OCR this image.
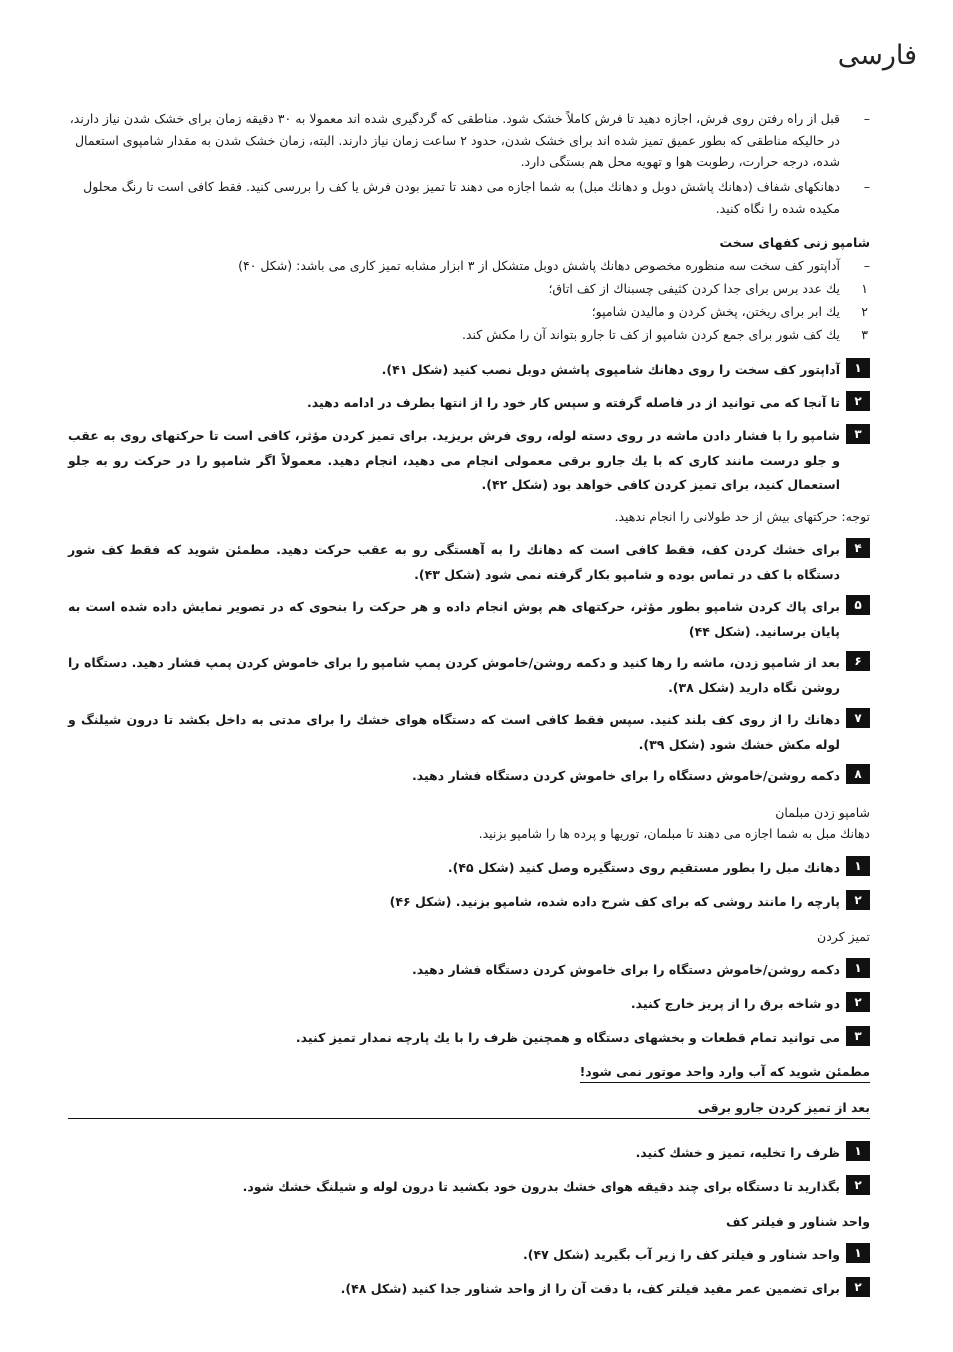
فارسی
–
قبل از راه رفتن روی فرش، اجازه دهید تا فرش کاملاً خشک شود. مناطقی که گردگیری شده اند معمولا به ۳۰ دقیقه زمان برای خشک شدن نیاز دارند، در حالیکه مناطقی که بطور عمیق تمیز شده اند برای خشک شدن، حدود ۲ ساعت زمان نیاز دارند. البته، زمان خشک شدن به مقدار شامپوی استعمال شده، درجه حرارت، رطوبت هوا و تهویه محل هم بستگی دارد.
–
دهانکهای شفاف (دهانك پاشش دوبل و دهانك مبل) به شما اجازه می دهند تا تمیز بودن فرش یا کف را بررسی کنید. فقط کافی است تا رنگ محلول مکیده شده را نگاه کنید.
شامپو زنی کفهای سخت
–
آداپتور کف سخت سه منظوره مخصوص دهانك پاشش دوبل متشکل از ۳ ابزار مشابه تمیز کاری می باشد: (شکل ۴۰)
۱
یك عدد برس برای جدا کردن کثیفی چسبناك از کف اتاق؛
۲
یك ابر برای ریختن، پخش کردن و مالیدن شامپو؛
۳
یك کف شور برای جمع کردن شامپو از کف تا جارو بتواند آن را مکش کند.
۱
آداپتور کف سخت را روی دهانك شامپوی پاشش دوبل نصب کنید (شکل ۴۱).
۲
تا آنجا که می توانید از در فاصله گرفته و سپس کار خود را از انتها بطرف در ادامه دهید.
۳
شامپو را با فشار دادن ماشه در روی دسته لوله، روی فرش بریزید. برای تمیز کردن مؤثر، کافی است تا حرکتهای روی به عقب و جلو درست مانند کاری که با یك جارو برقی معمولی انجام می دهید، انجام دهید. معمولاً اگر شامپو را در حرکت رو به جلو استعمال کنید، برای تمیز کردن کافی خواهد بود (شکل ۴۲).
توجه: حرکتهای بیش از حد طولانی را انجام ندهید.
۴
برای خشك کردن کف، فقط کافی است که دهانك را به آهستگی رو به عقب حرکت دهید. مطمئن شوید که فقط کف شور دستگاه با کف در تماس بوده و شامپو بکار گرفته نمی شود (شکل ۴۳).
۵
برای پاك کردن شامپو بطور مؤثر، حرکتهای هم پوش انجام داده و هر حرکت را بنحوی که در تصویر نمایش داده شده است به پایان برسانید. (شکل ۴۴)
۶
بعد از شامپو زدن، ماشه را رها کنید و دکمه روشن/خاموش کردن پمپ شامپو را برای خاموش کردن پمپ فشار دهید. دستگاه را روشن نگاه دارید (شکل ۳۸).
۷
دهانك را از روی کف بلند کنید. سپس فقط کافی است که دستگاه هوای خشك را برای مدتی به داخل بکشد تا درون شیلنگ و لوله مکش خشك شود (شکل ۳۹).
۸
دکمه روشن/خاموش دستگاه را برای خاموش کردن دستگاه فشار دهید.
شامپو زدن مبلمان
دهانك مبل به شما اجازه می دهند تا مبلمان، توریها و پرده ها را شامپو بزنید.
۱
دهانك مبل را بطور مستقیم روی دستگیره وصل کنید (شکل ۴۵).
۲
پارچه را مانند روشی که برای کف شرح داده شده، شامپو بزنید. (شکل ۴۶)
تمیز کردن
۱
دکمه روشن/خاموش دستگاه را برای خاموش کردن دستگاه فشار دهید.
۲
دو شاخه برق را از پریز خارج کنید.
۳
می توانید تمام قطعات و بخشهای دستگاه و همچنین ظرف را با یك پارچه نمدار تمیز کنید.
مطمئن شوید که آب وارد واحد موتور نمی شود!
بعد از تمیز کردن جارو برقی
۱
ظرف را تخلیه، تمیز و خشك کنید.
۲
بگذارید تا دستگاه برای چند دقیقه هوای خشك بدرون خود بکشید تا درون لوله و شیلنگ خشك شود.
واحد شناور و فیلتر کف
۱
واحد شناور و فیلتر کف را زیر آب بگیرید (شکل ۴۷).
۲
برای تضمین عمر مفید فیلتر کف، با دقت آن را از واحد شناور جدا کنید (شکل ۴۸).
